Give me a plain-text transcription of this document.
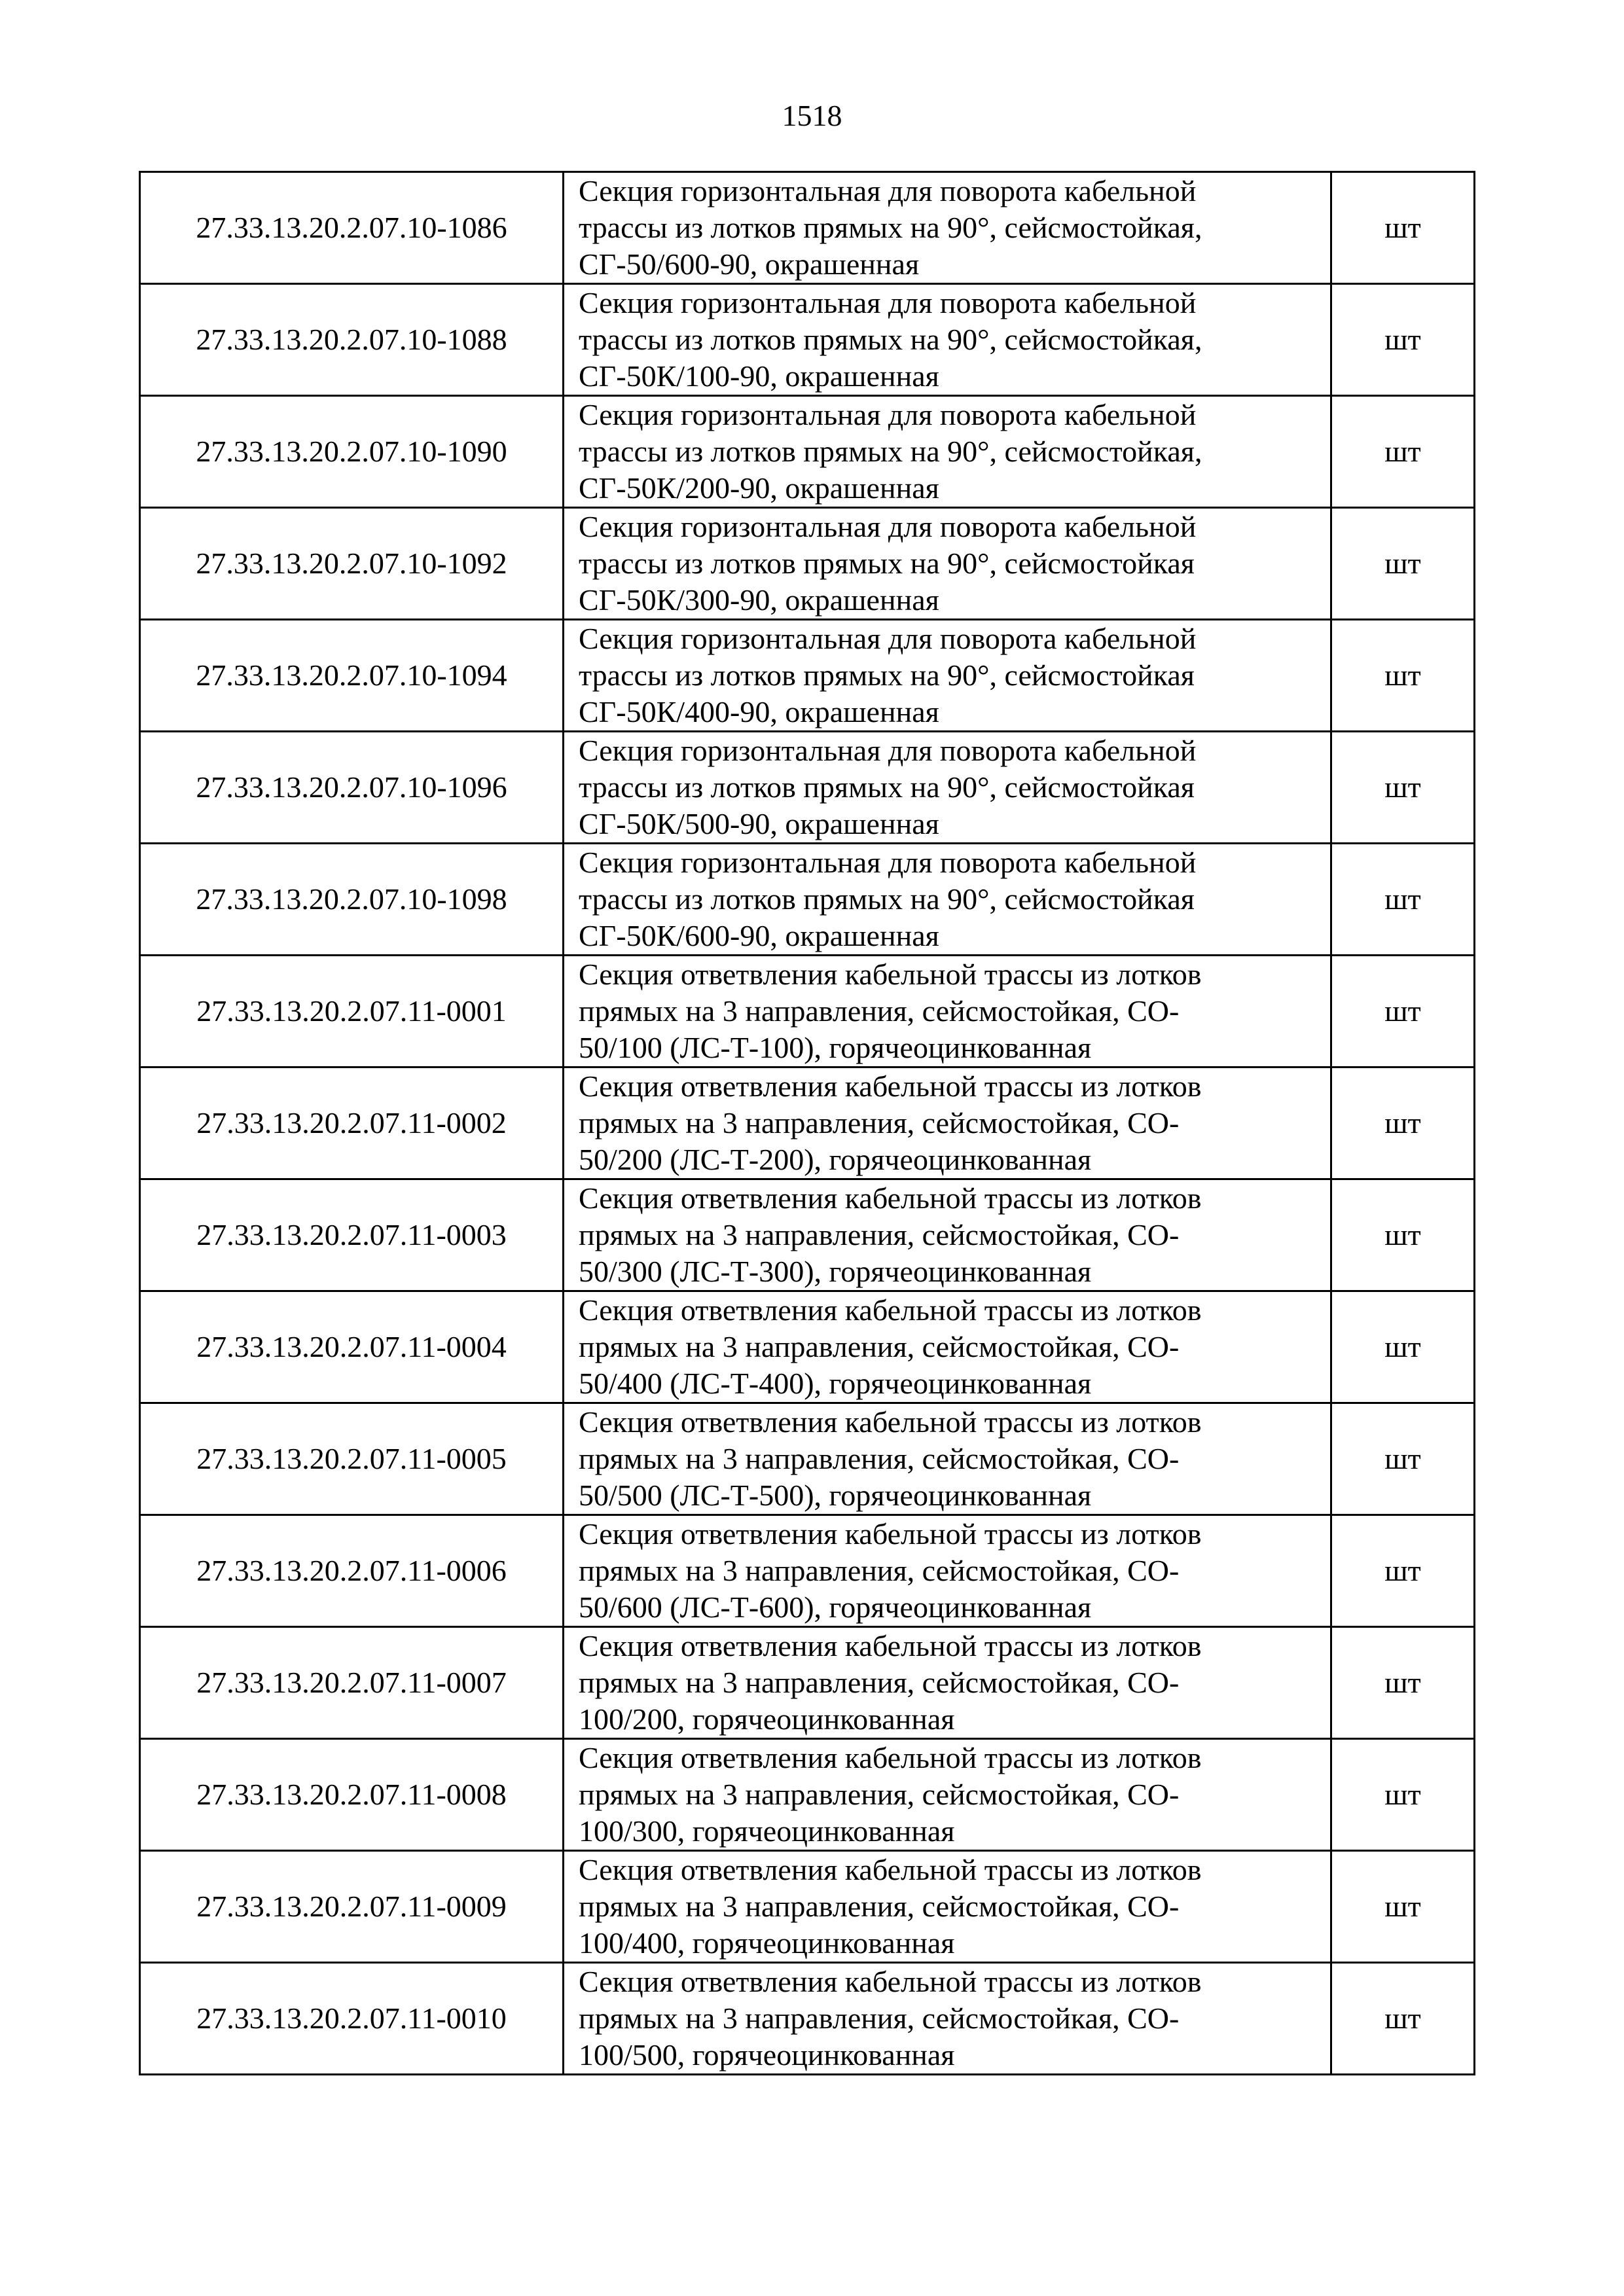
1518
27.33.13.20.2.07.10-1086	Секция горизонтальная для поворота кабельной
трассы из лотков прямых на 90°, сейсмостойкая,
СГ-50/600-90, окрашенная	шт
27.33.13.20.2.07.10-1088	Секция горизонтальная для поворота кабельной
трассы из лотков прямых на 90°, сейсмостойкая,
СГ-50К/100-90, окрашенная	шт
27.33.13.20.2.07.10-1090	Секция горизонтальная для поворота кабельной
трассы из лотков прямых на 90°, сейсмостойкая,
СГ-50К/200-90, окрашенная	шт
27.33.13.20.2.07.10-1092	Секция горизонтальная для поворота кабельной
трассы из лотков прямых на 90°, сейсмостойкая
СГ-50К/300-90, окрашенная	шт
27.33.13.20.2.07.10-1094	Секция горизонтальная для поворота кабельной
трассы из лотков прямых на 90°, сейсмостойкая
СГ-50К/400-90, окрашенная	шт
27.33.13.20.2.07.10-1096	Секция горизонтальная для поворота кабельной
трассы из лотков прямых на 90°, сейсмостойкая
СГ-50К/500-90, окрашенная	шт
27.33.13.20.2.07.10-1098	Секция горизонтальная для поворота кабельной
трассы из лотков прямых на 90°, сейсмостойкая
СГ-50К/600-90, окрашенная	шт
27.33.13.20.2.07.11-0001	Секция ответвления кабельной трассы из лотков
прямых на 3 направления, сейсмостойкая, СО-
50/100 (ЛС-Т-100), горячеоцинкованная	шт
27.33.13.20.2.07.11-0002	Секция ответвления кабельной трассы из лотков
прямых на 3 направления, сейсмостойкая, СО-
50/200 (ЛС-Т-200), горячеоцинкованная	шт
27.33.13.20.2.07.11-0003	Секция ответвления кабельной трассы из лотков
прямых на 3 направления, сейсмостойкая, СО-
50/300 (ЛС-Т-300), горячеоцинкованная	шт
27.33.13.20.2.07.11-0004	Секция ответвления кабельной трассы из лотков
прямых на 3 направления, сейсмостойкая, СО-
50/400 (ЛС-Т-400), горячеоцинкованная	шт
27.33.13.20.2.07.11-0005	Секция ответвления кабельной трассы из лотков
прямых на 3 направления, сейсмостойкая, СО-
50/500 (ЛС-Т-500), горячеоцинкованная	шт
27.33.13.20.2.07.11-0006	Секция ответвления кабельной трассы из лотков
прямых на 3 направления, сейсмостойкая, СО-
50/600 (ЛС-Т-600), горячеоцинкованная	шт
27.33.13.20.2.07.11-0007	Секция ответвления кабельной трассы из лотков
прямых на 3 направления, сейсмостойкая, СО-
100/200, горячеоцинкованная	шт
27.33.13.20.2.07.11-0008	Секция ответвления кабельной трассы из лотков
прямых на 3 направления, сейсмостойкая, СО-
100/300, горячеоцинкованная	шт
27.33.13.20.2.07.11-0009	Секция ответвления кабельной трассы из лотков
прямых на 3 направления, сейсмостойкая, СО-
100/400, горячеоцинкованная	шт
27.33.13.20.2.07.11-0010	Секция ответвления кабельной трассы из лотков
прямых на 3 направления, сейсмостойкая, СО-
100/500, горячеоцинкованная	шт
